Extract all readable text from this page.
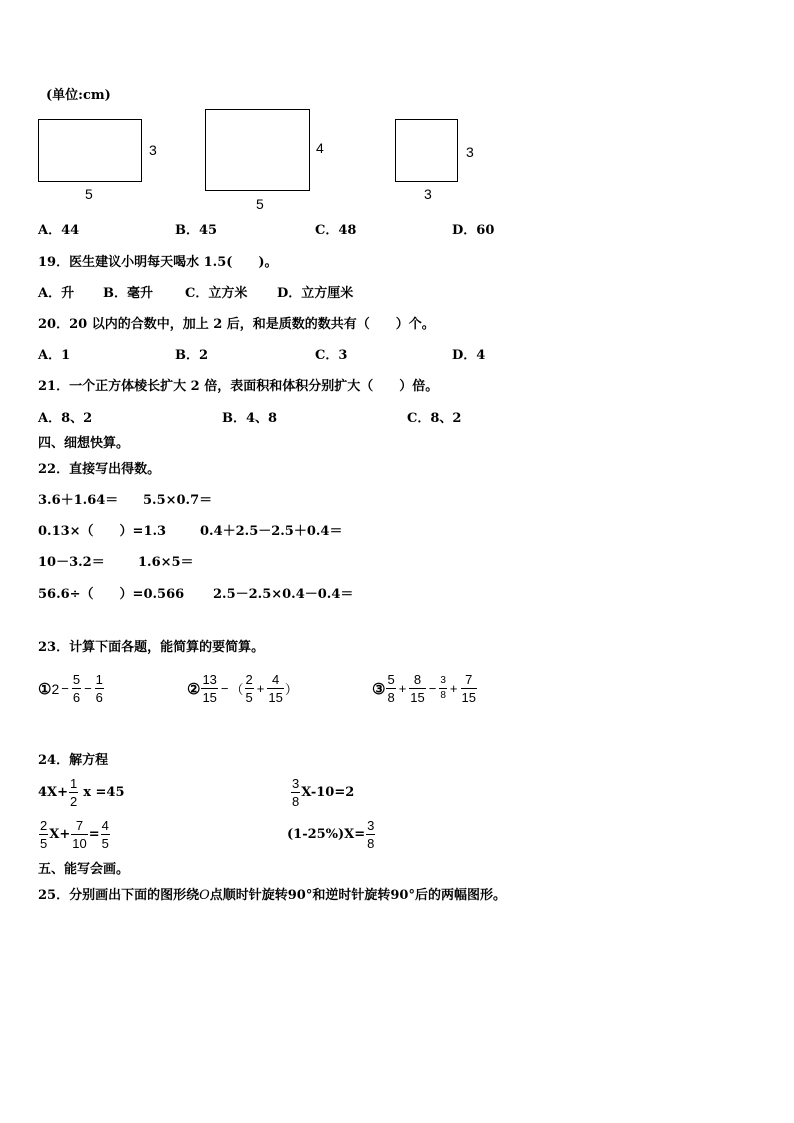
(单位:cm)
3
5
4
5
3
3
A．44	B．45	C．48	D．60
19．医生建议小明每天喝水 1.5(　　)。
A．升 B．毫升 C．立方米 D．立方厘米
20．20 以内的合数中，加上 2 后，和是质数的数共有（　　）个。
A．1	B．2	C．3	D．4
21．一个正方体棱长扩大 2 倍，表面积和体积分别扩大（　　）倍。
A．8、2	B．4、8	C．8、2
四、细想快算。
22．直接写出得数。
3.6＋1.64＝ 5.5×0.7＝
0.13×（　　）=1.3	0.4＋2.5－2.5＋0.4＝
10－3.2＝	1.6×5＝
56.6÷（　　）=0.566 2.5－2.5×0.4－0.4＝
23．计算下面各题，能简算的要简算。
① $2 - \frac{5}{6} - \frac{1}{6}$	② $\frac{13}{15}$ − （ $\frac{2}{5} + \frac{4}{15}$ ）	③ $\frac{5}{8} + \frac{8}{15} - \frac{3}{8} + \frac{7}{15}$
24．解方程
$4X+ \frac{1}{2}$ x =45	$\frac{3}{8} X-10=2$
$\frac{2}{5} X+ \frac{7}{10} = \frac{4}{5}$	$(1-25\%)X= \frac{3}{8}$
五、能写会画。
25．分别画出下面的图形绕O点顺时针旋转90°和逆时针旋转90°后的两幅图形。
